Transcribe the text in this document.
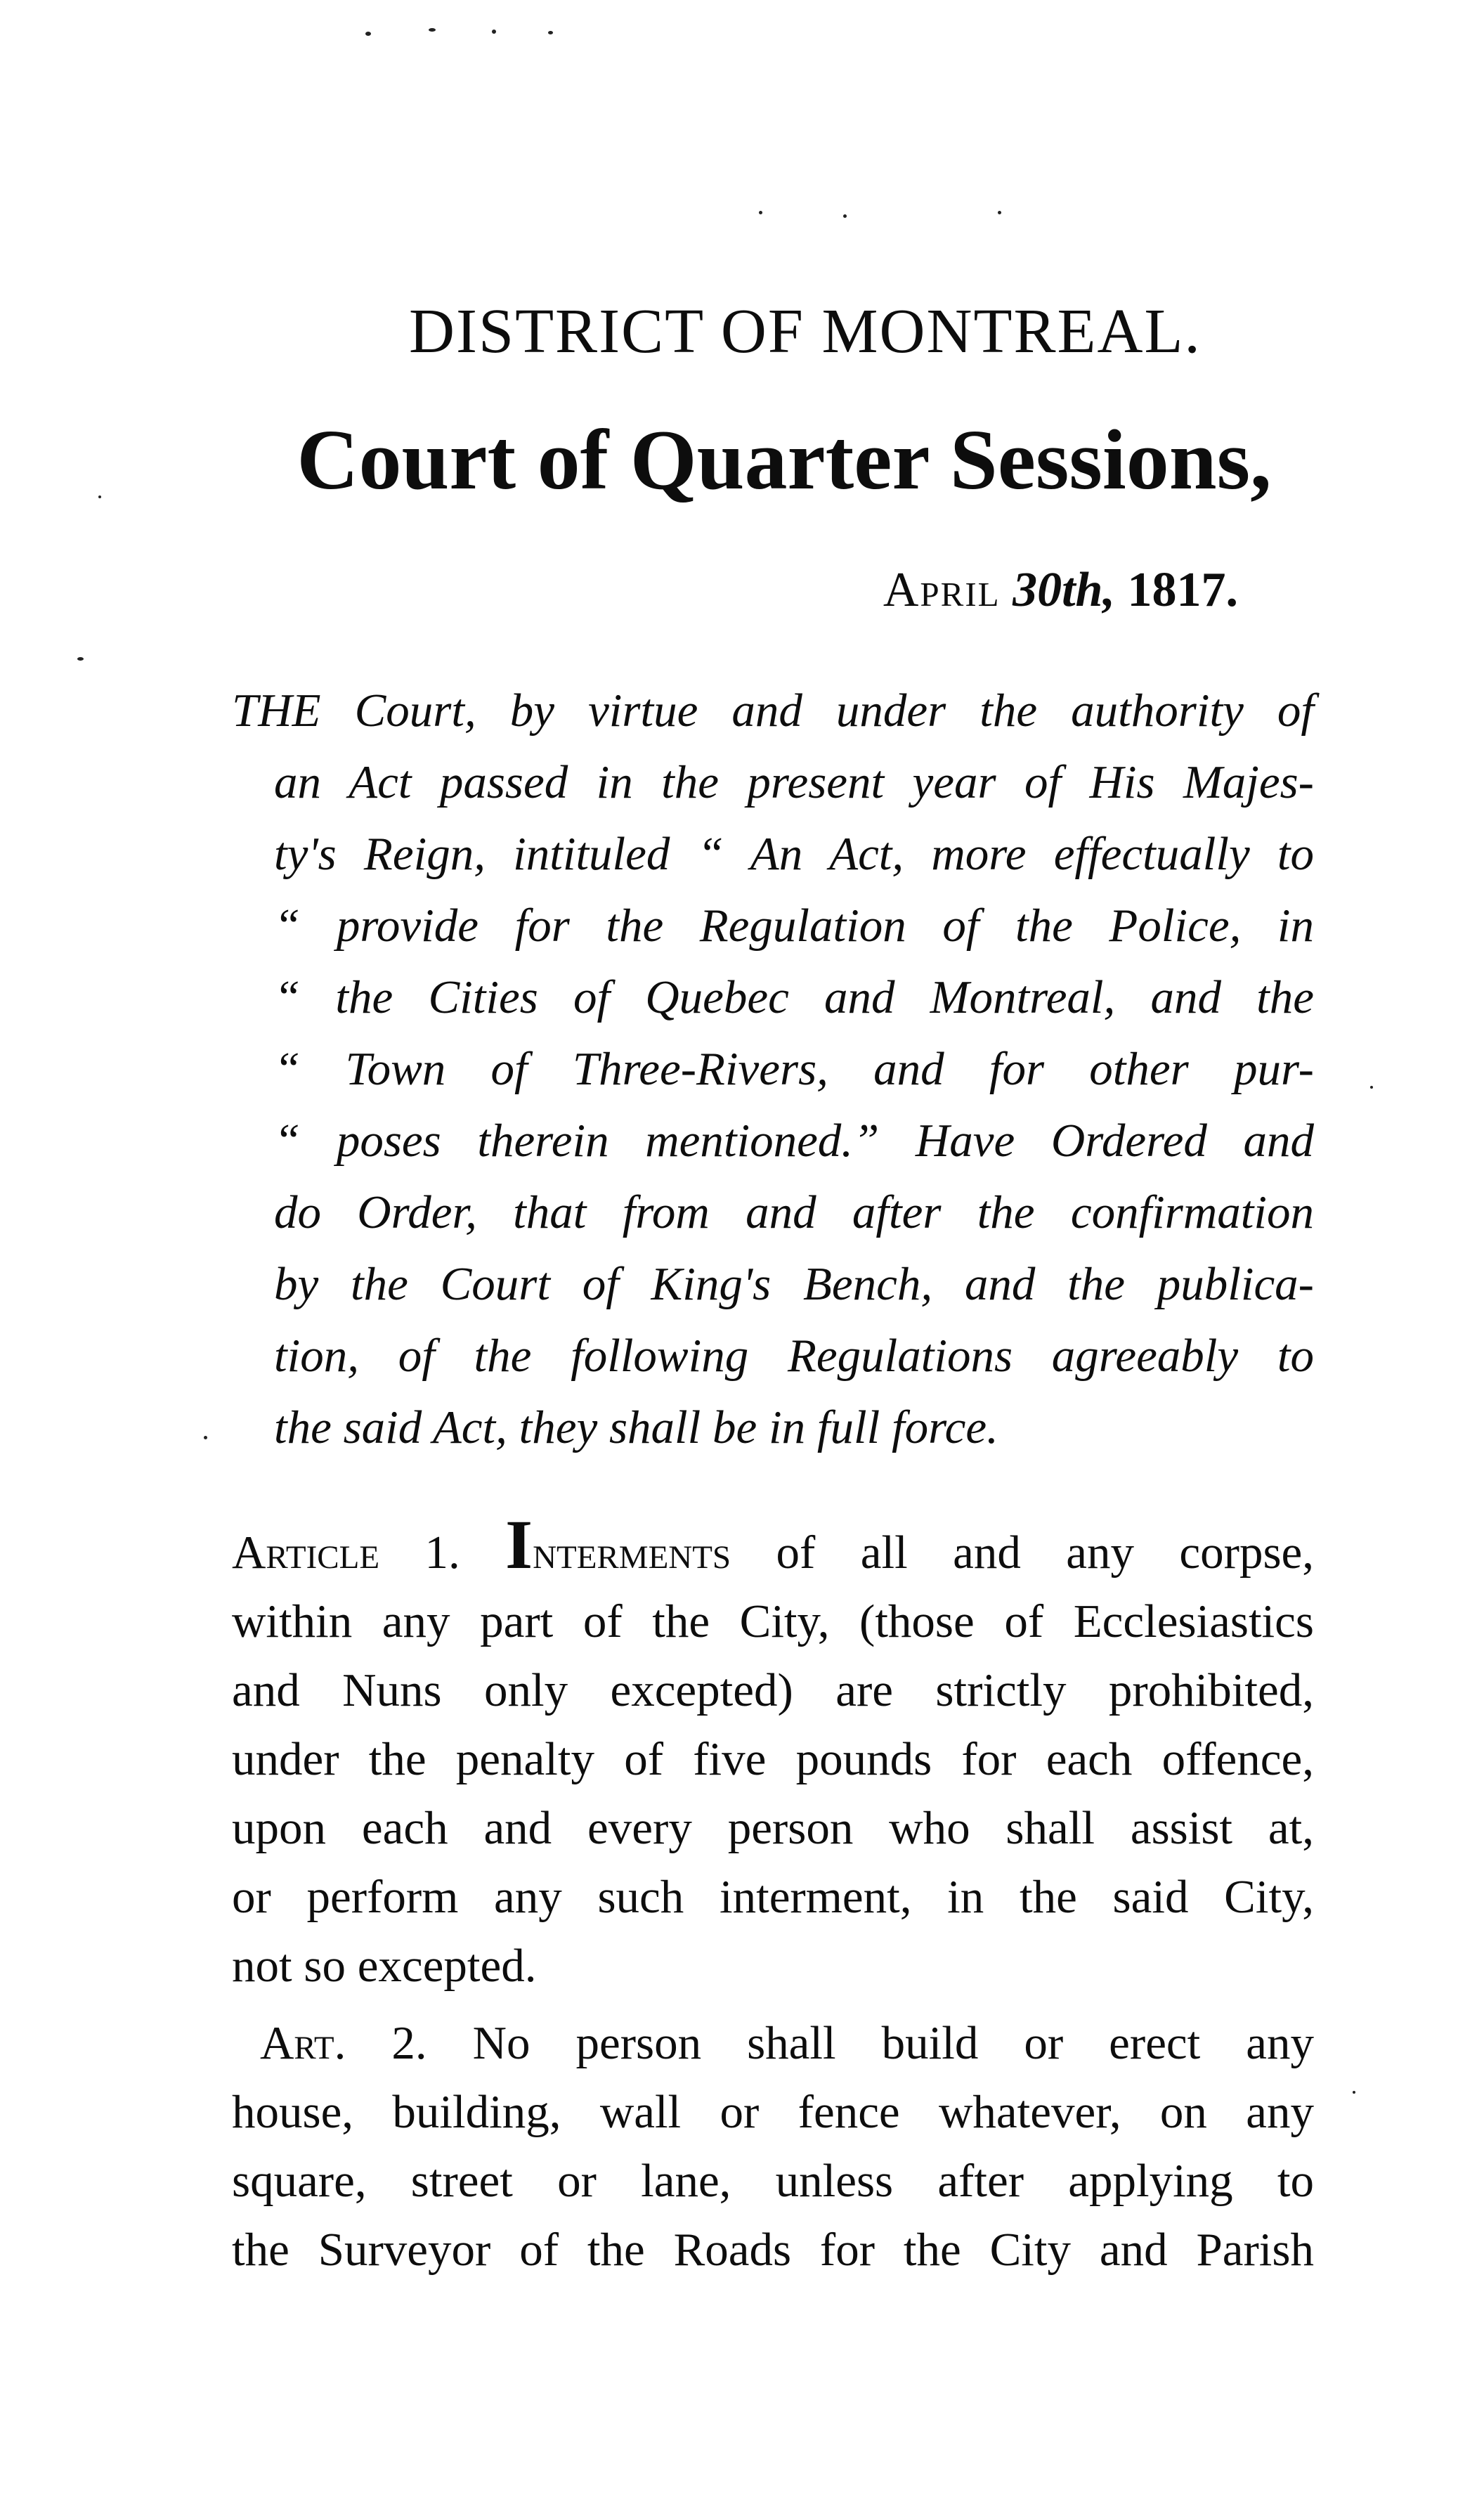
DISTRICT OF MONTREAL.
Court of Quarter Sessions,
April 30th, 1817.
THE Court, by virtue and under the authority of
an Act passed in the present year of His Majes-
ty's Reign, intituled “ An Act, more effectually to
“ provide for the Regulation of the Police, in
“ the Cities of Quebec and Montreal, and the
“ Town of Three-Rivers, and for other pur-
“ poses therein mentioned.” Have Ordered and
do Order, that from and after the confirmation
by the Court of King's Bench, and the publica-
tion, of the following Regulations agreeably to
the said Act, they shall be in full force.
Article 1. Interments of all and any corpse,
within any part of the City, (those of Ecclesiastics
and Nuns only excepted) are strictly prohibited,
under the penalty of five pounds for each offence,
upon each and every person who shall assist at,
or perform any such interment, in the said City,
not so excepted.
Art. 2. No person shall build or erect any
house, building, wall or fence whatever, on any
square, street or lane, unless after applying to
the Surveyor of the Roads for the City and Parish
